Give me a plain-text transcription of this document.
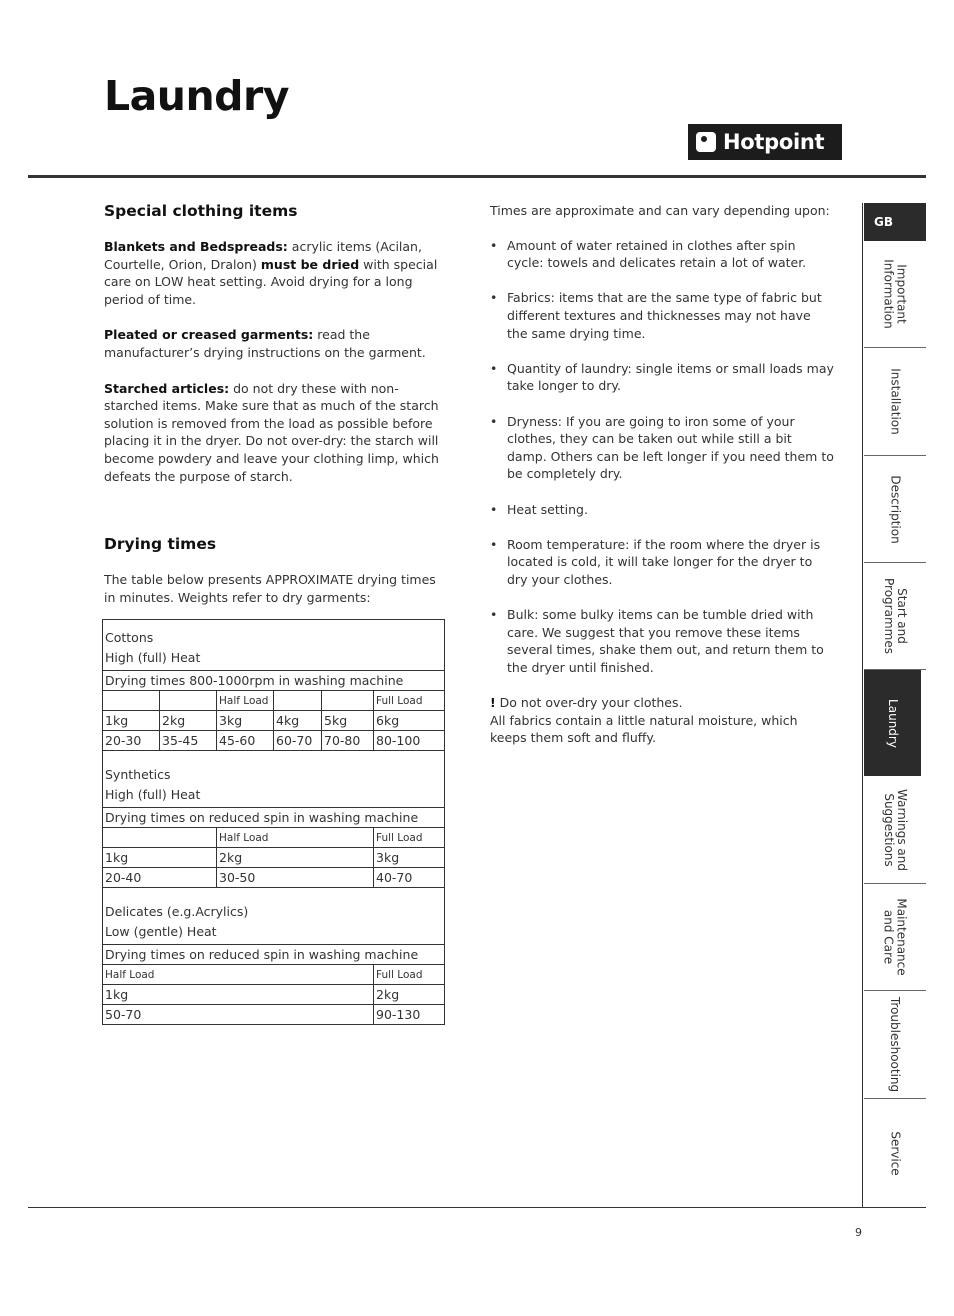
Laundry
Hotpoint
Special clothing items

Blankets and Bedspreads: acrylic items (Acilan, Courtelle, Orion, Dralon) must be dried with special care on LOW heat setting. Avoid drying for a long period of time.

Pleated or creased garments: read the manufacturer’s drying instructions on the garment.

Starched articles: do not dry these with non-starched items. Make sure that as much of the starch solution is removed from the load as possible before placing it in the dryer. Do not over-dry: the starch will become powdery and leave your clothing limp, which defeats the purpose of starch.

Drying times

The table below presents APPROXIMATE drying times in minutes. Weights refer to dry garments:

Cottons
High (full) Heat					

Drying times 800-1000rpm in washing machine					
		Half Load			Full Load
1kg	2kg	3kg	4kg	5kg	6kg
20-30	35-45	45-60	60-70	70-80	80-100

Synthetics
High (full) Heat					

Drying times on reduced spin in washing machine					
		Half Load			Full Load
1kg		2kg			3kg
20-40		30-50			40-70

Delicates (e.g.Acrylics)
Low (gentle) Heat					

Drying times on reduced spin in washing machine					
Half Load					Full Load
1kg					2kg
50-70					90-130

Times are approximate and can vary depending upon:

• Amount of water retained in clothes after spin cycle: towels and delicates retain a lot of water.
• Fabrics: items that are the same type of fabric but different textures and thicknesses may not have the same drying time.
• Quantity of laundry: single items or small loads may take longer to dry.
• Dryness: If you are going to iron some of your clothes, they can be taken out while still a bit damp. Others can be left longer if you need them to be completely dry.
• Heat setting.
• Room temperature: if the room where the dryer is located is cold, it will take longer for the dryer to dry your clothes.
• Bulk: some bulky items can be tumble dried with care. We suggest that you remove these items several times, shake them out, and return them to the dryer until finished.

! Do not over-dry your clothes.
All fabrics contain a little natural moisture, which keeps them soft and fluffy.

GB
Important
Information
Installation
Description
Start and
Programmes
Laundry
Warnings and
Suggestions
Maintenance
and Care
Troubleshooting
Service
9
